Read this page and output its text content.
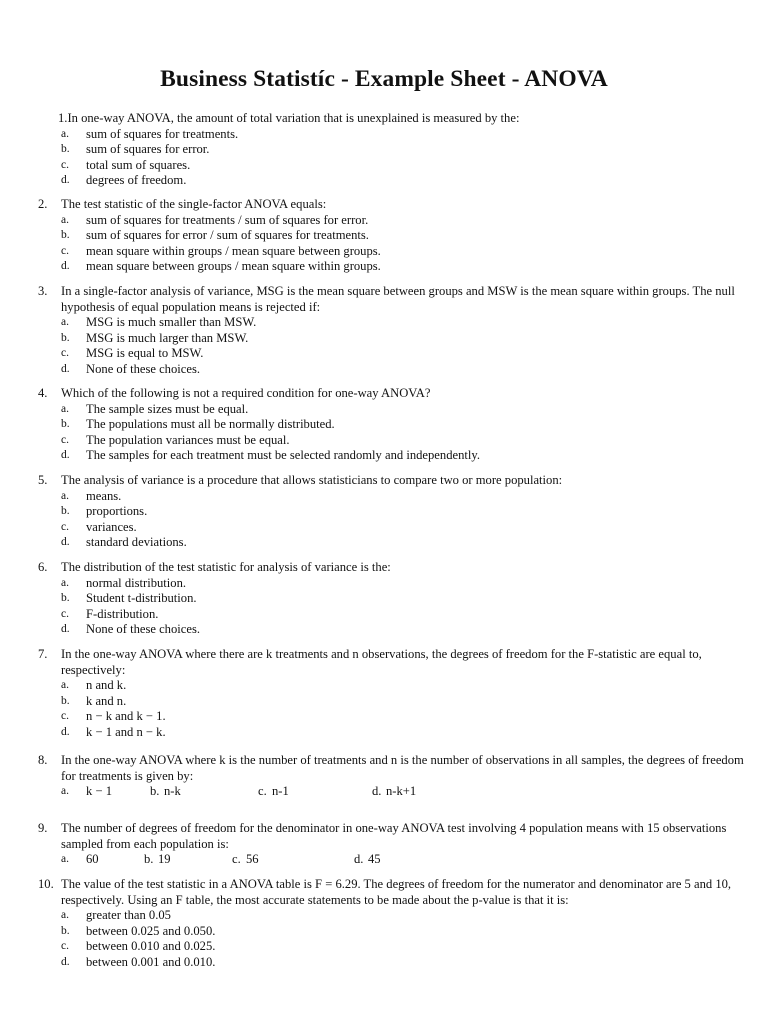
Business Statistíc - Example Sheet - ANOVA
1. In one-way ANOVA, the amount of total variation that is unexplained is measured by the:
a.	sum of squares for treatments.
b.	sum of squares for error.
c.	total sum of squares.
d.	degrees of freedom.
2.	The test statistic of the single-factor ANOVA equals:
a.	sum of squares for treatments / sum of squares for error.
b.	sum of squares for error / sum of squares for treatments.
c.	mean square within groups / mean square between groups.
d.	mean square between groups / mean square within groups.
3.	In a single-factor analysis of variance, MSG is the mean square between groups and MSW is the mean square within groups. The null hypothesis of equal population means is rejected if:
a.	MSG is much smaller than MSW.
b.	MSG is much larger than MSW.
c.	MSG is equal to MSW.
d.	None of these choices.
4.	Which of the following is not a required condition for one-way ANOVA?
a.	The sample sizes must be equal.
b.	The populations must all be normally distributed.
c.	The population variances must be equal.
d.	The samples for each treatment must be selected randomly and independently.
5.	The analysis of variance is a procedure that allows statisticians to compare two or more population:
a.	means.
b.	proportions.
c.	variances.
d.	standard deviations.
6.	The distribution of the test statistic for analysis of variance is the:
a.	normal distribution.
b.	Student t-distribution.
c.	F-distribution.
d.	None of these choices.
7.	In the one-way ANOVA where there are k treatments and n observations, the degrees of freedom for the F-statistic are equal to, respectively:
a.	n and k.
b.	k and n.
c.	n − k and k − 1.
d.	k − 1 and n − k.
8.	In the one-way ANOVA where k is the number of treatments and n is the number of observations in all samples, the degrees of freedom for treatments is given by:
a.	k − 1	b. n-k	c. n-1	d. n-k+1
9.	The number of degrees of freedom for the denominator in one-way ANOVA test involving 4 population means with 15 observations sampled from each population is:
a.	60	b. 19	c. 56	d. 45
10. The value of the test statistic in a ANOVA table is F = 6.29. The degrees of freedom for the numerator and denominator are 5 and 10, respectively. Using an F table, the most accurate statements to be made about the p-value is that it is:
a.	greater than 0.05
b.	between 0.025 and 0.050.
c.	between 0.010 and 0.025.
d.	between 0.001 and 0.010.
